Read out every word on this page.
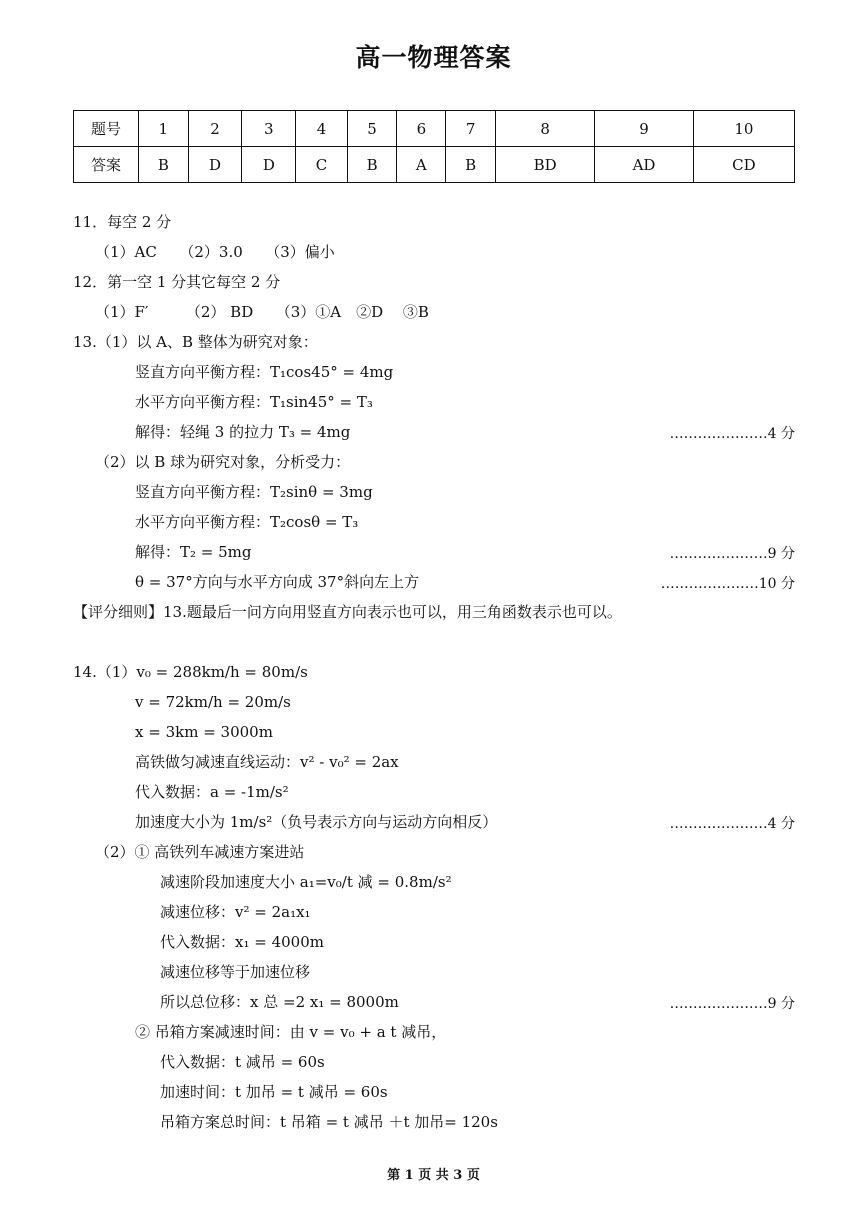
高一物理答案
题号	1	2	3	4	5	6	7	8	9	10
答案	B	D	D	C	B	A	B	BD	AD	CD
11．每空 2 分
（1）AC　　（2）3.0　　（3）偏小
12．第一空 1 分其它每空 2 分
（1）F′　　　（2） BD　　（3）①A　②D　 ③B
13.（1）以 A、B 整体为研究对象：
竖直方向平衡方程：T₁cos45° = 4mg
水平方向平衡方程：T₁sin45° = T₃
解得：轻绳 3 的拉力 T₃ = 4mg
（2）以 B 球为研究对象，分析受力：
竖直方向平衡方程：T₂sinθ = 3mg
水平方向平衡方程：T₂cosθ = T₃
解得：T₂ = 5mg
θ = 37°方向与水平方向成 37°斜向左上方
【评分细则】13.题最后一问方向用竖直方向表示也可以，用三角函数表示也可以。
14.（1）v₀ = 288km/h = 80m/s
v = 72km/h = 20m/s
x = 3km = 3000m
高铁做匀减速直线运动：v² - v₀² = 2ax
代入数据：a = -1m/s²
加速度大小为 1m/s²（负号表示方向与运动方向相反）
（2）① 高铁列车减速方案进站
减速阶段加速度大小 a₁=v₀/t 减 = 0.8m/s²
减速位移：v² = 2a₁x₁
代入数据：x₁ = 4000m
减速位移等于加速位移
所以总位移：x 总 =2 x₁ = 8000m
② 吊箱方案减速时间：由 v = v₀ + a t 减吊，
代入数据：t 减吊 = 60s
加速时间：t 加吊 = t 减吊 = 60s
吊箱方案总时间：t 吊箱 = t 减吊 ＋t 加吊= 120s
…………………4 分
…………………9 分
…………………10 分
…………………4 分
…………………9 分
第 1 页 共 3 页
